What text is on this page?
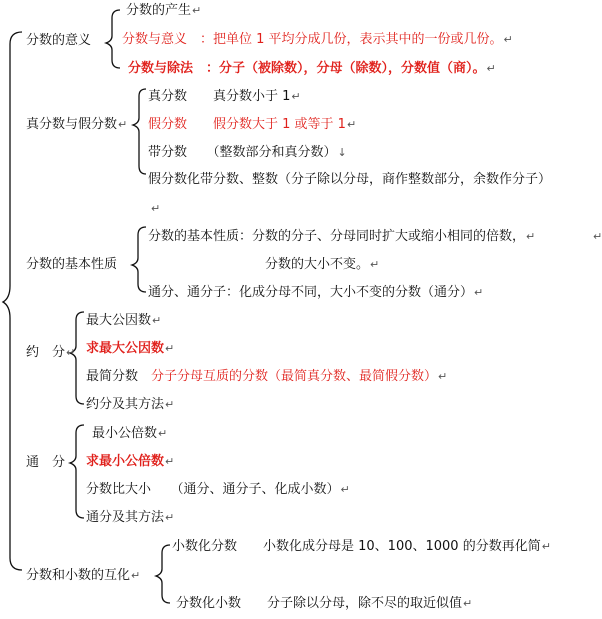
分数的意义
真分数与假分数↵
分数的基本性质
约　分↵
通　分
分数和小数的互化↵
分数的产生↵
分数与意义　：把单位 1 平均分成几份，表示其中的一份或几份。↵
分数与除法　：分子（被除数），分母（除数），分数值（商）。↵
真分数　　真分数小于 1↵
假分数　　假分数大于 1 或等于 1↵
带分数　　（整数部分和真分数）↓
假分数化带分数、整数（分子除以分母，商作整数部分，余数作分子）
分数的基本性质：分数的分子、分母同时扩大或缩小相同的倍数，↵
分数的大小不变。↵
通分、通分子：化成分母不同，大小不变的分数（通分）↵
最大公因数↵
求最大公因数↵
最简分数　分子分母互质的分数（最简真分数、最简假分数）↵
约分及其方法↵
最小公倍数↵
求最小公倍数↵
分数比大小　　（通分、通分子、化成小数）↵
通分及其方法↵
小数化分数　　小数化成分母是 10、100、1000 的分数再化简↵
分数化小数　　分子除以分母，除不尽的取近似值↵
↵
↵
